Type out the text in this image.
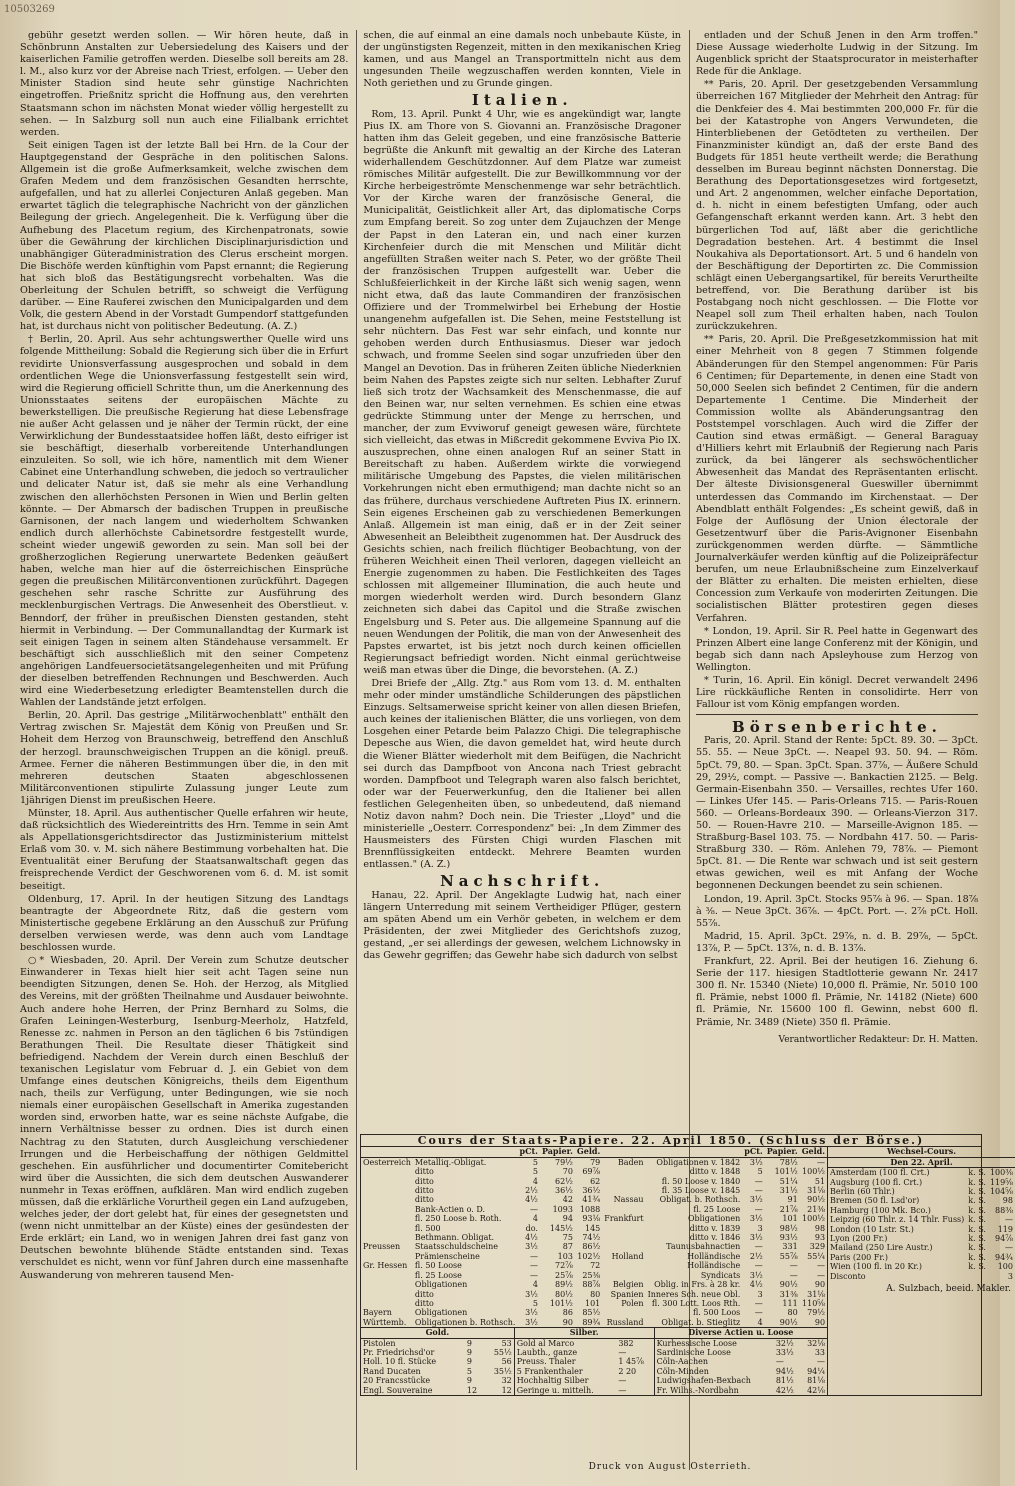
10503269

gebühr gesetzt werden sollen. — Wir hören heute, daß in Schönbrunn Anstalten zur Uebersiedelung des Kaisers und der kaiserlichen Familie getroffen werden. Dieselbe soll bereits am 28. l. M., also kurz vor der Abreise nach Triest, erfolgen. — Ueber den Minister Stadion sind heute sehr günstige Nachrichten eingetroffen. Prießnitz spricht die Hoffnung aus, den verehrten Staatsmann schon im nächsten Monat wieder völlig hergestellt zu sehen. — In Salzburg soll nun auch eine Filialbank errichtet werden.

Seit einigen Tagen ist der letzte Ball bei Hrn. de la Cour der Hauptgegenstand der Gespräche in den politischen Salons. Allgemein ist die große Aufmerksamkeit, welche zwischen dem Grafen Medem und dem französischen Gesandten herrschte, aufgefallen, und hat zu allerlei Conjecturen Anlaß gegeben. Man erwartet täglich die telegraphische Nachricht von der gänzlichen Beilegung der griech. Angelegenheit. Die k. Verfügung über die Aufhebung des Placetum regium, des Kirchenpatronats, sowie über die Gewährung der kirchlichen Disciplinarjurisdiction und unabhängiger Güteradministration des Clerus erscheint morgen. Die Bischöfe werden künftighin vom Papst ernannt; die Regierung hat sich bloß das Bestätigungsrecht vorbehalten. Was die Oberleitung der Schulen betrifft, so schweigt die Verfügung darüber. — Eine Rauferei zwischen den Municipalgarden und dem Volk, die gestern Abend in der Vorstadt Gumpendorf stattgefunden hat, ist durchaus nicht von politischer Bedeutung. (A. Z.)

† Berlin, 20. April. Aus sehr achtungswerther Quelle wird uns folgende Mittheilung: Sobald die Regierung sich über die in Erfurt revidirte Unionsverfassung ausgesprochen und sobald in dem ordentlichen Wege die Unionsverfassung festgestellt sein wird, wird die Regierung officiell Schritte thun, um die Anerkennung des Unionsstaates seitens der europäischen Mächte zu bewerkstelligen. Die preußische Regierung hat diese Lebensfrage nie außer Acht gelassen und je näher der Termin rückt, der eine Verwirklichung der Bundesstaatsidee hoffen läßt, desto eifriger ist sie beschäftigt, dieserhalb vorbereitende Unterhandlungen einzuleiten. So soll, wie ich höre, namentlich mit dem Wiener Cabinet eine Unterhandlung schweben, die jedoch so vertraulicher und delicater Natur ist, daß sie mehr als eine Verhandlung zwischen den allerhöchsten Personen in Wien und Berlin gelten könnte. — Der Abmarsch der badischen Truppen in preußische Garnisonen, der nach langem und wiederholtem Schwanken endlich durch allerhöchste Cabinetsordre festgestellt wurde, scheint wieder ungewiß geworden zu sein. Man soll bei der großherzoglichen Regierung unerwartete Bedenken geäußert haben, welche man hier auf die österreichischen Einsprüche gegen die preußischen Militärconventionen zurückführt. Dagegen geschehen sehr rasche Schritte zur Ausführung des mecklenburgischen Vertrags. Die Anwesenheit des Oberstlieut. v. Benndorf, der früher in preußischen Diensten gestanden, steht hiermit in Verbindung. — Der Communallandtag der Kurmark ist seit einigen Tagen in seinem alten Ständehause versammelt. Er beschäftigt sich ausschließlich mit den seiner Competenz angehörigen Landfeuersocietätsangelegenheiten und mit Prüfung der dieselben betreffenden Rechnungen und Beschwerden. Auch wird eine Wiederbesetzung erledigter Beamtenstellen durch die Wahlen der Landstände jetzt erfolgen.

Berlin, 20. April. Das gestrige „Militärwochenblatt" enthält den Vertrag zwischen Sr. Majestät dem König von Preußen und Sr. Hoheit dem Herzog von Braunschweig, betreffend den Anschluß der herzogl. braunschweigischen Truppen an die königl. preuß. Armee. Ferner die näheren Bestimmungen über die, in den mit mehreren deutschen Staaten abgeschlossenen Militärconventionen stipulirte Zulassung junger Leute zum 1jährigen Dienst im preußischen Heere.

Münster, 18. April. Aus authentischer Quelle erfahren wir heute, daß rücksichtlich des Wiedereintritts des Hrn. Temme in sein Amt als Appellationsgerichtsdirector das Justizministerium mittelst Erlaß vom 30. v. M. sich nähere Bestimmung vorbehalten hat. Die Eventualität einer Berufung der Staatsanwaltschaft gegen das freisprechende Verdict der Geschworenen vom 6. d. M. ist somit beseitigt.

Oldenburg, 17. April. In der heutigen Sitzung des Landtags beantragte der Abgeordnete Ritz, daß die gestern vom Ministertische gegebene Erklärung an den Ausschuß zur Prüfung derselben verwiesen werde, was denn auch vom Landtage beschlossen wurde.

○* Wiesbaden, 20. April. Der Verein zum Schutze deutscher Einwanderer in Texas hielt hier seit acht Tagen seine nun beendigten Sitzungen, denen Se. Hoh. der Herzog, als Mitglied des Vereins, mit der größten Theilnahme und Ausdauer beiwohnte. Auch andere hohe Herren, der Prinz Bernhard zu Solms, die Grafen Leiningen-Westerburg, Isenburg-Meerholz, Hatzfeld, Renesse zc. nahmen in Person an den täglichen 6 bis 7stündigen Berathungen Theil. Die Resultate dieser Thätigkeit sind befriedigend. Nachdem der Verein durch einen Beschluß der texanischen Legislatur vom Februar d. J. ein Gebiet von dem Umfange eines deutschen Königreichs, theils dem Eigenthum nach, theils zur Verfügung, unter Bedingungen, wie sie noch niemals einer europäischen Gesellschaft in Amerika zugestanden worden sind, erworben hatte, war es seine nächste Aufgabe, die innern Verhältnisse besser zu ordnen. Dies ist durch einen Nachtrag zu den Statuten, durch Ausgleichung verschiedener Irrungen und die Herbeischaffung der nöthigen Geldmittel geschehen. Ein ausführlicher und documentirter Comitebericht wird über die Aussichten, die sich dem deutschen Auswanderer nunmehr in Texas eröffnen, aufklären. Man wird endlich zugeben müssen, daß die erklärliche Vorurtheil gegen ein Land aufzugeben, welches jeder, der dort gelebt hat, für eines der gesegnetsten und (wenn nicht unmittelbar an der Küste) eines der gesündesten der Erde erklärt; ein Land, wo in wenigen Jahren drei fast ganz von Deutschen bewohnte blühende Städte entstanden sind. Texas verschuldet es nicht, wenn vor fünf Jahren durch eine massenhafte Auswanderung von mehreren tausend Men-

schen, die auf einmal an eine damals noch unbebaute Küste, in der ungünstigsten Regenzeit, mitten in den mexikanischen Krieg kamen, und aus Mangel an Transportmitteln nicht aus dem ungesunden Theile wegzuschaffen werden konnten, Viele in Noth geriethen und zu Grunde gingen.

Italien.

Rom, 13. April. Punkt 4 Uhr, wie es angekündigt war, langte Pius IX. am Thore von S. Giovanni an. Französische Dragoner hatten ihm das Geleit gegeben, und eine französische Batterie begrüßte die Ankunft mit gewaltig an der Kirche des Lateran widerhallendem Geschützdonner. Auf dem Platze war zumeist römisches Militär aufgestellt. Die zur Bewillkommnung vor der Kirche herbeigeströmte Menschenmenge war sehr beträchtlich. Vor der Kirche waren der französische General, die Municipalität, Geistlichkeit aller Art, das diplomatische Corps zum Empfang bereit. So zog unter dem Zujauchzen der Menge der Papst in den Lateran ein, und nach einer kurzen Kirchenfeier durch die mit Menschen und Militär dicht angefüllten Straßen weiter nach S. Peter, wo der größte Theil der französischen Truppen aufgestellt war. Ueber die Schlußfeierlichkeit in der Kirche läßt sich wenig sagen, wenn nicht etwa, daß das laute Commandiren der französischen Offiziere und der Trommelwirbel bei Erhebung der Hostie unangenehm aufgefallen ist. Die Sehen, meine Feststellung ist sehr nüchtern. Das Fest war sehr einfach, und konnte nur gehoben werden durch Enthusiasmus. Dieser war jedoch schwach, und fromme Seelen sind sogar unzufrieden über den Mangel an Devotion. Das in früheren Zeiten übliche Niederknien beim Nahen des Papstes zeigte sich nur selten. Lebhafter Zuruf ließ sich trotz der Wachsamkeit des Menschenmasse, die auf den Beinen war, nur selten vernehmen. Es schien eine etwas gedrückte Stimmung unter der Menge zu herrschen, und mancher, der zum Evviworuf geneigt gewesen wäre, fürchtete sich vielleicht, das etwas in Mißcredit gekommene Evviva Pio IX. auszusprechen, ohne einen analogen Ruf an seiner Statt in Bereitschaft zu haben. Außerdem wirkte die vorwiegend militärische Umgebung des Papstes, die vielen militärischen Vorkehrungen nicht eben ermuthigend; man dachte nicht so an das frühere, durchaus verschiedene Auftreten Pius IX. erinnern. Sein eigenes Erscheinen gab zu verschiedenen Bemerkungen Anlaß. Allgemein ist man einig, daß er in der Zeit seiner Abwesenheit an Beleibtheit zugenommen hat. Der Ausdruck des Gesichts schien, nach freilich flüchtiger Beobachtung, von der früheren Weichheit einen Theil verloren, dagegen vielleicht an Energie zugenommen zu haben. Die Festlichkeiten des Tages schlossen mit allgemeiner Illumination, die auch heute und morgen wiederholt werden wird. Durch besondern Glanz zeichneten sich dabei das Capitol und die Straße zwischen Engelsburg und S. Peter aus. Die allgemeine Spannung auf die neuen Wendungen der Politik, die man von der Anwesenheit des Papstes erwartet, ist bis jetzt noch durch keinen officiellen Regierungsact befriedigt worden. Nicht einmal gerüchtweise weiß man etwas über die Dinge, die bevorstehen. (A. Z.)

Drei Briefe der „Allg. Ztg." aus Rom vom 13. d. M. enthalten mehr oder minder umständliche Schilderungen des päpstlichen Einzugs. Seltsamerweise spricht keiner von allen diesen Briefen, auch keines der italienischen Blätter, die uns vorliegen, von dem Losgehen einer Petarde beim Palazzo Chigi. Die telegraphische Depesche aus Wien, die davon gemeldet hat, wird heute durch die Wiener Blätter wiederholt mit dem Beifügen, die Nachricht sei durch das Dampfboot von Ancona nach Triest gebracht worden. Dampfboot und Telegraph waren also falsch berichtet, oder war der Feuerwerkunfug, den die Italiener bei allen festlichen Gelegenheiten üben, so unbedeutend, daß niemand Notiz davon nahm? Doch nein. Die Triester „Lloyd" und die ministerielle „Oesterr. Correspondenz" bei: „In dem Zimmer des Hausmeisters des Fürsten Chigi wurden Flaschen mit Brennflüssigkeiten entdeckt. Mehrere Beamten wurden entlassen." (A. Z.)

Nachschrift.

Hanau, 22. April. Der Angeklagte Ludwig hat, nach einer längern Unterredung mit seinem Vertheidiger Pflüger, gestern am späten Abend um ein Verhör gebeten, in welchem er dem Präsidenten, der zwei Mitglieder des Gerichtshofs zuzog, gestand, „er sei allerdings der gewesen, welchem Lichnowsky in das Gewehr gegriffen; das Gewehr habe sich dadurch von selbst

entladen und der Schuß Jenen in den Arm troffen." Diese Aussage wiederholte Ludwig in der Sitzung. Im Augenblick spricht der Staatsprocurator in meisterhafter Rede für die Anklage.

** Paris, 20. April. Der gesetzgebenden Versammlung überreichen 167 Mitglieder der Mehrheit den Antrag: für die Denkfeier des 4. Mai bestimmten 200,000 Fr. für die bei der Katastrophe von Angers Verwundeten, die Hinterbliebenen der Getödteten zu vertheilen. Der Finanzminister kündigt an, daß der erste Band des Budgets für 1851 heute vertheilt werde; die Berathung desselben im Bureau beginnt nächsten Donnerstag. Die Berathung des Deportationsgesetzes wird fortgesetzt, und Art. 2 angenommen, welcher einfache Deportation, d. h. nicht in einem befestigten Umfang, oder auch Gefangenschaft erkannt werden kann. Art. 3 hebt den bürgerlichen Tod auf, läßt aber die gerichtliche Degradation bestehen. Art. 4 bestimmt die Insel Noukahiva als Deportationsort. Art. 5 und 6 handeln von der Beschäftigung der Deportirten zc. Die Commission schlägt einen Uebergangsartikel, für bereits Verurtheilte betreffend, vor. Die Berathung darüber ist bis Postabgang noch nicht geschlossen. — Die Flotte vor Neapel soll zum Theil erhalten haben, nach Toulon zurückzukehren.

** Paris, 20. April. Die Preßgesetzkommission hat mit einer Mehrheit von 8 gegen 7 Stimmen folgende Abänderungen für den Stempel angenommen: Für Paris 6 Centimen; für Departemente, in denen eine Stadt von 50,000 Seelen sich befindet 2 Centimen, für die andern Departemente 1 Centime. Die Minderheit der Commission wollte als Abänderungsantrag den Poststempel vorschlagen. Auch wird die Ziffer der Caution sind etwas ermäßigt. — General Baraguay d'Hilliers kehrt mit Erlaubniß der Regierung nach Paris zurück, da bei längerer als sechswöchentlicher Abwesenheit das Mandat des Repräsentanten erlischt. Der älteste Divisionsgeneral Gueswiller übernimmt unterdessen das Commando im Kirchenstaat. — Der Abendblatt enthält Folgendes: „Es scheint gewiß, daß in Folge der Auflösung der Union électorale der Gesetzentwurf über die Paris-Avignoner Eisenbahn zurückgenommen werden dürfte. — Sämmtliche Journalverkäufer werden künftig auf die Polizeipräfectur berufen, um neue Erlaubnißscheine zum Einzelverkauf der Blätter zu erhalten. Die meisten erhielten, diese Concession zum Verkaufe von moderirten Zeitungen. Die socialistischen Blätter protestiren gegen dieses Verfahren.

* London, 19. April. Sir R. Peel hatte in Gegenwart des Prinzen Albert eine lange Conferenz mit der Königin, und begab sich dann nach Apsleyhouse zum Herzog von Wellington.

* Turin, 16. April. Ein königl. Decret verwandelt 2496 Lire rückkäufliche Renten in consolidirte. Herr von Fallour ist vom König empfangen worden.

Börsenberichte.

Paris, 20. April. Stand der Rente: 5pCt. 89. 30. — 3pCt. 55. 55. — Neue 3pCt. —. Neapel 93. 50. 94. — Röm. 5pCt. 79, 80. — Span. 3pCt. Span. 37⅞, — Äußere Schuld 29, 29½, compt. — Passive —. Bankactien 2125. — Belg. Germain-Eisenbahn 350. — Versailles, rechtes Ufer 160. — Linkes Ufer 145. — Paris-Orleans 715. — Paris-Rouen 560. — Orleans-Bordeaux 390. — Orleans-Vierzon 317. 50. — Rouen-Havre 210. — Marseille-Avignon 185. — Straßburg-Basel 103. 75. — Nordbahn 417. 50. — Paris-Straßburg 330. — Röm. Anlehen 79, 78⅞. — Piemont 5pCt. 81. — Die Rente war schwach und ist seit gestern etwas gewichen, weil es mit Anfang der Woche begonnenen Deckungen beendet zu sein schienen.

London, 19. April. 3pCt. Stocks 95⅞ à 96. — Span. 18⅞ à ⅜. — Neue 3pCt. 36⅞. — 4pCt. Port. —. 2⅞ pCt. Holl. 55⅞.

Madrid, 15. April. 3pCt. 29⅞, n. d. B. 29⅞, — 5pCt. 13⅞, P. — 5pCt. 13⅞, n. d. B. 13⅞.

Frankfurt, 22. April. Bei der heutigen 16. Ziehung 6. Serie der 117. hiesigen Stadtlotterie gewann Nr. 2417 300 fl. Nr. 15340 (Niete) 10,000 fl. Prämie, Nr. 5010 100 fl. Prämie, nebst 1000 fl. Prämie, Nr. 14182 (Niete) 600 fl. Prämie, Nr. 15600 100 fl. Gewinn, nebst 600 fl. Prämie, Nr. 3489 (Niete) 350 fl. Prämie.

Verantwortlicher Redakteur: Dr. H. Matten.
Cours der Staats-Papiere. 22. April 1850. (Schluss der Börse.)
		pCt.	Papier.	Geld.			pCt.	Papier.	Geld.
Oesterreich	Metalliq.-Obligat.	5	79½	79	Baden	Obligationen v. 1842	3½	78½	—
	ditto	5	70	69⅞		ditto v. 1848	5	101½	100½
	ditto	4	62½	62		fl. 50 Loose v. 1840	—	51¼	51
	ditto	2½	36½	36½		fl. 35 Loose v. 1845	—	31½	31⅛
	ditto	4½	42	41¾	Nassau	Obligat. b. Rothsch.	3½	91	90½
	Bank-Actien o. D.	—	1093	1088		fl. 25 Loose	—	21⅞	21⅜
	fl. 250 Loose b. Roth.	4	94	93⅛	Frankfurt	Obligationen	3½	101	100½
	fl. 500	do.	145½	145		ditto v. 1839	3	98½	98
	Bethmann. Obligat.	4½	75	74½		ditto v. 1846	3½	93½	93
Preussen	Staatsschuldscheine	3½	87	86½		Taunusbahnactien	—	331	329
	Prämienscheine	—	103	102½	Holland	Holländische	2½	55⅞	55¼
Gr. Hessen	fl. 50 Loose	—	72⅞	72		Holländische	—	—	—
	fl. 25 Loose	—	25⅞	25⅜		Syndicats	3½	—	—
	Obligationen	4	89½	88⅞	Belgien	Oblig. in Frs. à 28 kr.	4½	90½	90
	ditto	3½	80½	80	Spanien	Inneres Sch. neue Obl.	3	31⅜	31⅛
	ditto	5	101½	101	Polen	fl. 300 Lott. Loos Rth.	—	111	110⅝
Bayern	Obligationen	3½	86	85½		fl. 500 Loos	—	80	79½
Württemb.	Obligationen b. Rothsch.	3½	90	89¾	Russland	Obligat. b. Stieglitz	4	90½	90
Gold.		
Pistolen	9	53
Pr. Friedrichsd'or	9	55½
Holl. 10 fl. Stücke	9	56
Rand Ducaten	5	35½
20 Francsstücke	9	32
Engl. Souveraine	12	12
Silber.	
Gold al Marco	382
Laubth., ganze	—
Preuss. Thaler	1 45⅞
5 Frankenthaler	2 20
Hochhaltig Silber	—
Geringe u. mittelh.	—
Diverse Actien u. Loose		
Kurhessische Loose	32½	32⅛
Sardinische Loose	33½	33
Cöln-Aachen	—	—
Cöln-Minden	94½	94¼
Ludwigshafen-Bexbach	81½	81⅛
Fr. Wilhs.-Nordbahn	42½	42⅛
Wechsel-Cours.		
Den 22. April.		
Amsterdam (100 fl. Crt.)	k. S.	100⅜
Augsburg (100 fl. Crt.)	k. S.	119⅝
Berlin (60 Thlr.)	k. S.	104⅝
Bremen (50 fl. Lsd'or)	k. S.	98
Hamburg (100 Mk. Bco.)	k. S.	88⅜
Leipzig (60 Thlr. z. 14 Thlr. Fuss)	k. S.	—
London (10 Lstr. St.)	k. S.	119
Lyon (200 Fr.)	k. S.	94⅞
Mailand (250 Lire Austr.)	k. S.	—
Paris (200 Fr.)	k. S.	94¾
Wien (100 fl. in 20 Kr.)	k. S.	100
Disconto		3
A. Sulzbach, beeid. Makler.
Druck von August Osterrieth.
